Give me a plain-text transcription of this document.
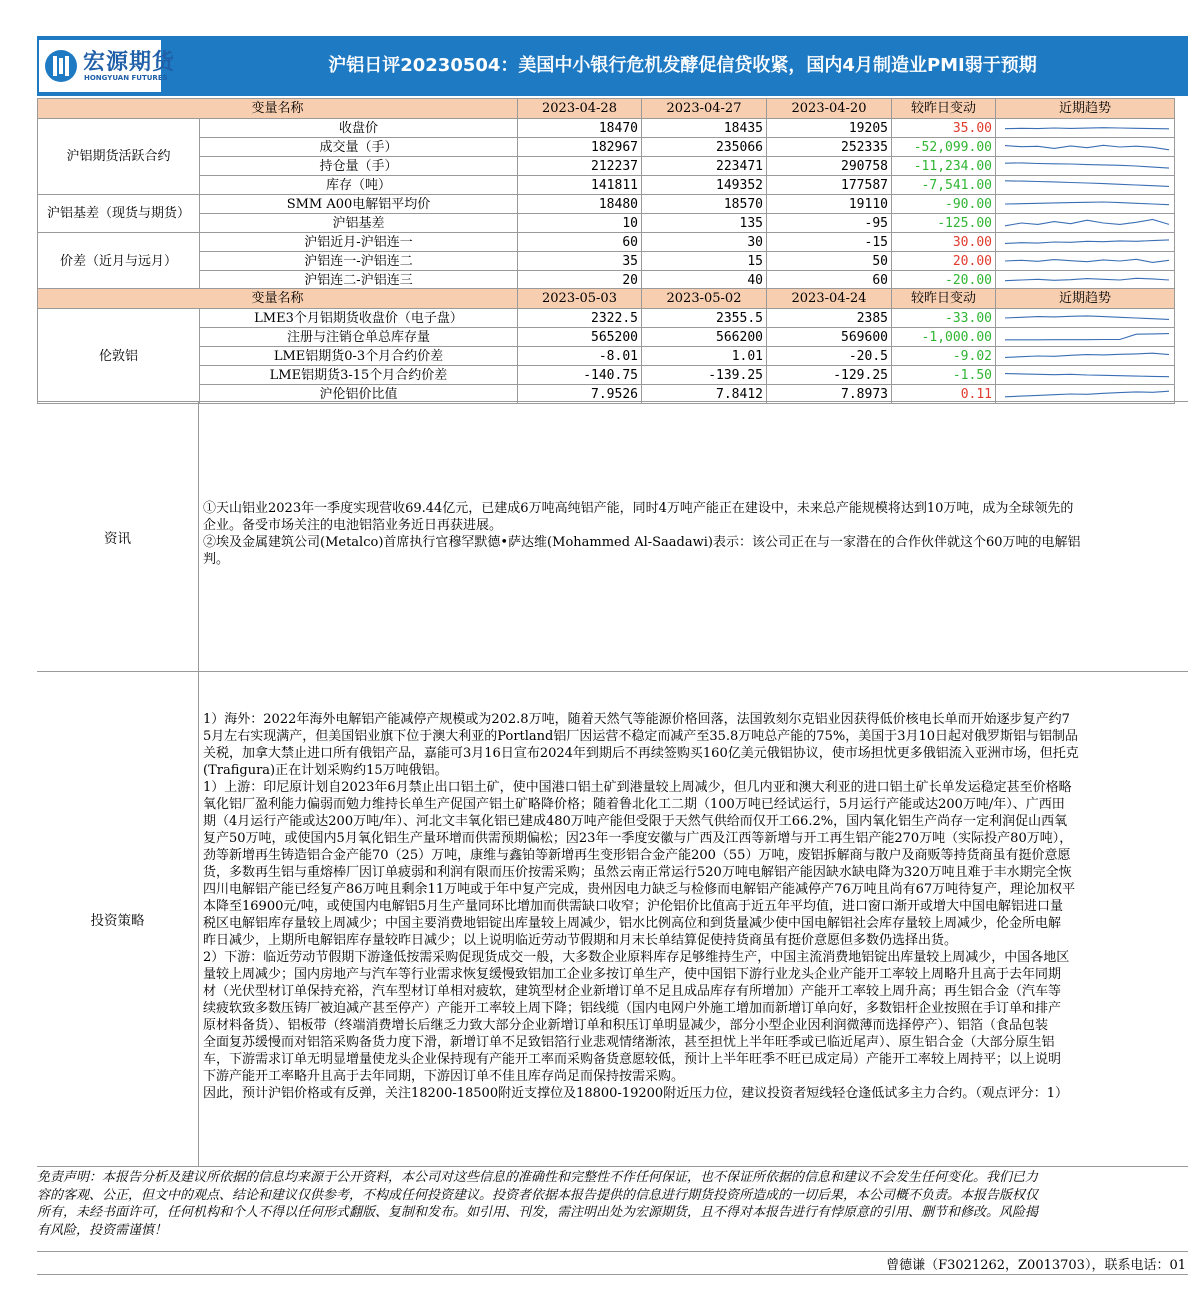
宏源期货
HONGYUAN FUTURES
沪铝日评20230504：美国中小银行危机发酵促信贷收紧，国内4月制造业PMI弱于预期
变量名称		2023-04-28	2023-04-27	2023-04-20	较昨日变动	近期趋势
沪铝期货活跃合约	收盘价	18470	18435	19205	35.00	

	成交量（手）	182967	235066	252335	-52,099.00	

	持仓量（手）	212237	223471	290758	-11,234.00	

	库存（吨）	141811	149352	177587	-7,541.00	

沪铝基差（现货与期货）	SMM A00电解铝平均价	18480	18570	19110	-90.00	

	沪铝基差	10	135	-95	-125.00	

价差（近月与远月）	沪铝近月-沪铝连一	60	30	-15	30.00	

	沪铝连一-沪铝连二	35	15	50	20.00	

	沪铝连二-沪铝连三	20	40	60	-20.00	
变量名称		2023-05-03	2023-05-02	2023-04-24	较昨日变动	近期趋势
伦敦铝	LME3个月铝期货收盘价（电子盘）	2322.5	2355.5	2385	-33.00	

	注册与注销仓单总库存量	565200	566200	569600	-1,000.00	

	LME铝期货0-3个月合约价差	-8.01	1.01	-20.5	-9.02	

	LME铝期货3-15个月合约价差	-140.75	-139.25	-129.25	-1.50	

	沪伦铝价比值	7.9526	7.8412	7.8973	0.11	
资讯
①天山铝业2023年一季度实现营收69.44亿元，已建成6万吨高纯铝产能，同时4万吨产能正在建设中，未来总产能规模将达到10万吨，成为全球领先的
企业。备受市场关注的电池铝箔业务近日再获进展。
②埃及金属建筑公司(Metalco)首席执行官穆罕默德•萨达维(Mohammed Al-Saadawi)表示：该公司正在与一家潜在的合作伙伴就这个60万吨的电解铝
判。
投资策略
1）海外：2022年海外电解铝产能减停产规模或为202.8万吨，随着天然气等能源价格回落，法国敦刻尔克铝业因获得低价核电长单而开始逐步复产约7
5月左右实现满产，但美国铝业旗下位于澳大利亚的Portland铝厂因运营不稳定而减产至35.8万吨总产能的75%，美国于3月10日起对俄罗斯铝与铝制品
关税，加拿大禁止进口所有俄铝产品，嘉能可3月16日宣布2024年到期后不再续签购买160亿美元俄铝协议，使市场担忧更多俄铝流入亚洲市场，但托克
(Trafigura)正在计划采购约15万吨俄铝。
1）上游：印尼原计划自2023年6月禁止出口铝土矿，使中国港口铝土矿到港量较上周减少，但几内亚和澳大利亚的进口铝土矿长单发运稳定甚至价格略
氧化铝厂盈利能力偏弱而勉力维持长单生产促国产铝土矿略降价格；随着鲁北化工二期（100万吨已经试运行，5月运行产能或达200万吨/年）、广西田
期（4月运行产能或达200万吨/年）、河北文丰氧化铝已建成480万吨产能但受限于天然气供给而仅开工66.2%，国内氧化铝生产尚存一定利润促山西氧
复产50万吨，或使国内5月氧化铝生产量环增而供需预期偏松；因23年一季度安徽与广西及江西等新增与开工再生铝产能270万吨（实际投产80万吨），
劲等新增再生铸造铝合金产能70（25）万吨，康维与鑫铂等新增再生变形铝合金产能200（55）万吨，废铝拆解商与散户及商贩等持货商虽有挺价意愿
货，多数再生铝与重熔棒厂因订单疲弱和利润有限而压价按需采购；虽然云南正常运行520万吨电解铝产能因缺水缺电降为320万吨且难于丰水期完全恢
四川电解铝产能已经复产86万吨且剩余11万吨或于年中复产完成，贵州因电力缺乏与检修而电解铝产能减停产76万吨且尚有67万吨待复产，理论加权平
本降至16900元/吨，或使国内电解铝5月生产量同环比增加而供需缺口收窄；沪伦铝价比值高于近五年平均值，进口窗口渐开或增大中国电解铝进口量
税区电解铝库存量较上周减少；中国主要消费地铝锭出库量较上周减少，铝水比例高位和到货量减少使中国电解铝社会库存量较上周减少，伦金所电解
昨日减少，上期所电解铝库存量较昨日减少；以上说明临近劳动节假期和月末长单结算促使持货商虽有挺价意愿但多数仍选择出货。
2）下游：临近劳动节假期下游逢低按需采购促现货成交一般，大多数企业原料库存足够维持生产，中国主流消费地铝锭出库量较上周减少，中国各地区
量较上周减少；国内房地产与汽车等行业需求恢复缓慢致铝加工企业多按订单生产，使中国铝下游行业龙头企业产能开工率较上周略升且高于去年同期
材（光伏型材订单保持充裕，汽车型材订单相对疲软，建筑型材企业新增订单不足且成品库存有所增加）产能开工率较上周升高；再生铝合金（汽车等
续疲软致多数压铸厂被迫减产甚至停产）产能开工率较上周下降；铝线缆（国内电网户外施工增加而新增订单向好，多数铝杆企业按照在手订单和排产
原材料备货）、铝板带（终端消费增长后继乏力致大部分企业新增订单和积压订单明显减少，部分小型企业因利润微薄而选择停产）、铝箔（食品包装
全面复苏缓慢而对铝箔采购备货力度下滑，新增订单不足致铝箔行业悲观情绪渐浓，甚至担忧上半年旺季或已临近尾声）、原生铝合金（大部分原生铝
车，下游需求订单无明显增量使龙头企业保持现有产能开工率而采购备货意愿较低，预计上半年旺季不旺已成定局）产能开工率较上周持平；以上说明
下游产能开工率略升且高于去年同期，下游因订单不佳且库存尚足而保持按需采购。
因此，预计沪铝价格或有反弹，关注18200-18500附近支撑位及18800-19200附近压力位，建议投资者短线轻仓逢低试多主力合约。（观点评分：1）
免责声明：本报告分析及建议所依据的信息均来源于公开资料，本公司对这些信息的准确性和完整性不作任何保证，也不保证所依据的信息和建议不会发生任何变化。我们已力
容的客观、公正，但文中的观点、结论和建议仅供参考，不构成任何投资建议。投资者依据本报告提供的信息进行期货投资所造成的一切后果，本公司概不负责。本报告版权仅
所有，未经书面许可，任何机构和个人不得以任何形式翻版、复制和发布。如引用、刊发，需注明出处为宏源期货，且不得对本报告进行有悖原意的引用、删节和修改。风险揭
有风险，投资需谨慎！
曾德谦（F3021262，Z0013703），联系电话：01
